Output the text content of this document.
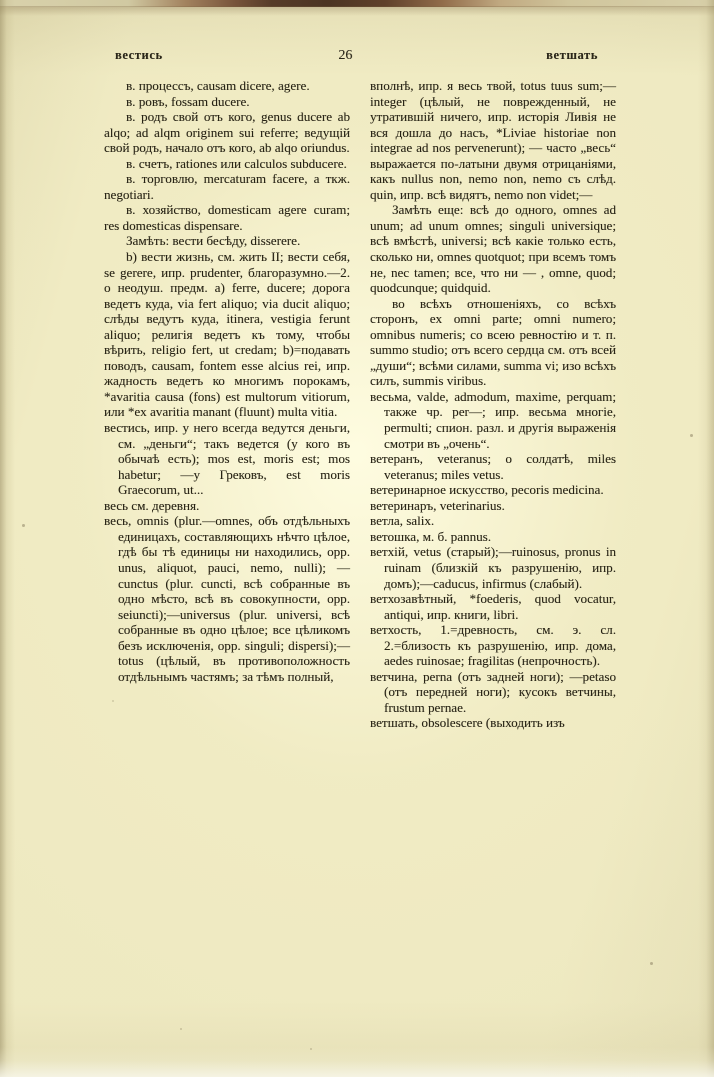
вестись	26	ветшать

в. процессъ, causam dicere, agere.

в. ровъ, fossam ducere.

в. родъ свой отъ кого, genus ducere ab alqo; ad alqm originem sui referre; ведущій свой родъ, начало отъ кого, ab alqo oriundus.

в. счетъ, rationes или calculos subducere.

в. торговлю, mercaturam facere, а ткж. negotiari.

в. хозяйство, domesticam agere curam; res domesticas dispensare.

Замѣть: вести бесѣду, disserere.

b) вести жизнь, см. жить II; вести себя, se gerere, ипр. prudenter, благоразумно.—2. о неодуш. предм. а) ferre, ducere; дорога ведетъ куда, via fert aliquo; via ducit aliquo; слѣды ведутъ куда, itinera, vestigia ferunt aliquo; религія ведетъ къ тому, чтобы вѣрить, religio fert, ut credam; b)=подавать поводъ, causam, fontem esse alcius rei, ипр. жадность ведетъ ко многимъ порокамъ, *avaritia causa (fons) est multorum vitiorum, или *ex avaritia manant (fluunt) multa vitia.

вестись, ипр. у него всегда ведутся деньги, см. „деньги“; такъ ведется (у кого въ обычаѣ есть); mos est, moris est; mos habetur; —у Грековъ, est moris Graecorum, ut...

весь см. деревня.

весь, omnis (plur.—omnes, объ отдѣльныхъ единицахъ, составляющихъ нѣчто цѣлое, гдѣ бы тѣ единицы ни находились, opp. unus, aliquot, pauci, nemo, nulli); —cunctus (plur. cuncti, всѣ собранные въ одно мѣсто, всѣ въ совокупности, opp. seiuncti);—universus (plur. universi, всѣ собранные въ одно цѣлое; все цѣликомъ безъ исключенія, opp. singuli; dispersi);—totus (цѣлый, въ противоположность отдѣльнымъ частямъ; за тѣмъ полный,

вполнѣ, ипр. я весь твой, totus tuus sum;—integer (цѣлый, не поврежденный, не утратившій ничего, ипр. исторія Ливія не вся дошла до насъ, *Liviae historiae non integrae ad nos pervenerunt); — часто „весь“ выражается по-латыни двумя отрицаніями, какъ nullus non, nemo non, nemo съ слѣд. quin, ипр. всѣ видятъ, nemo non videt;—

Замѣть еще: всѣ до одного, omnes ad unum; ad unum omnes; singuli universique; всѣ вмѣстѣ, universi; всѣ какіе только есть, сколько ни, omnes quotquot; при всемъ томъ не, nec tamen; все, что ни — , omne, quod; quodcunque; quidquid.

во всѣхъ отношеніяхъ, со всѣхъ сторонъ, ex omni parte; omni numero; omnibus numeris; со всею ревностію и т. п. summo studio; отъ всего сердца см. отъ всей „души“; всѣми силами, summa vi; изо всѣхъ силъ, summis viribus.

весьма, valde, admodum, maxime, perquam; также чр. per—; ипр. весьма многіе, permulti; спион. разл. и другія выраженія смотри въ „очень“.

ветеранъ, veteranus; о солдатѣ, miles veteranus; miles vetus.

ветеринарное искусство, pecoris medicina.

ветеринаръ, veterinarius.

ветла, salix.

ветошка, м. б. pannus.

ветхій, vetus (старый);—ruinosus, pronus in ruinam (близкій къ разрушенію, ипр. домъ);—caducus, infirmus (слабый).

ветхозавѣтный, *foederis, quod vocatur, antiqui, ипр. книги, libri.

ветхость, 1.=древность, см. э. сл. 2.=близость къ разрушенію, ипр. дома, aedes ruinosae; fragilitas (непрочность).

ветчина, perna (отъ задней ноги); —petaso (отъ передней ноги); кусокъ ветчины, frustum pernae.

ветшать, obsolescere (выходить изъ
